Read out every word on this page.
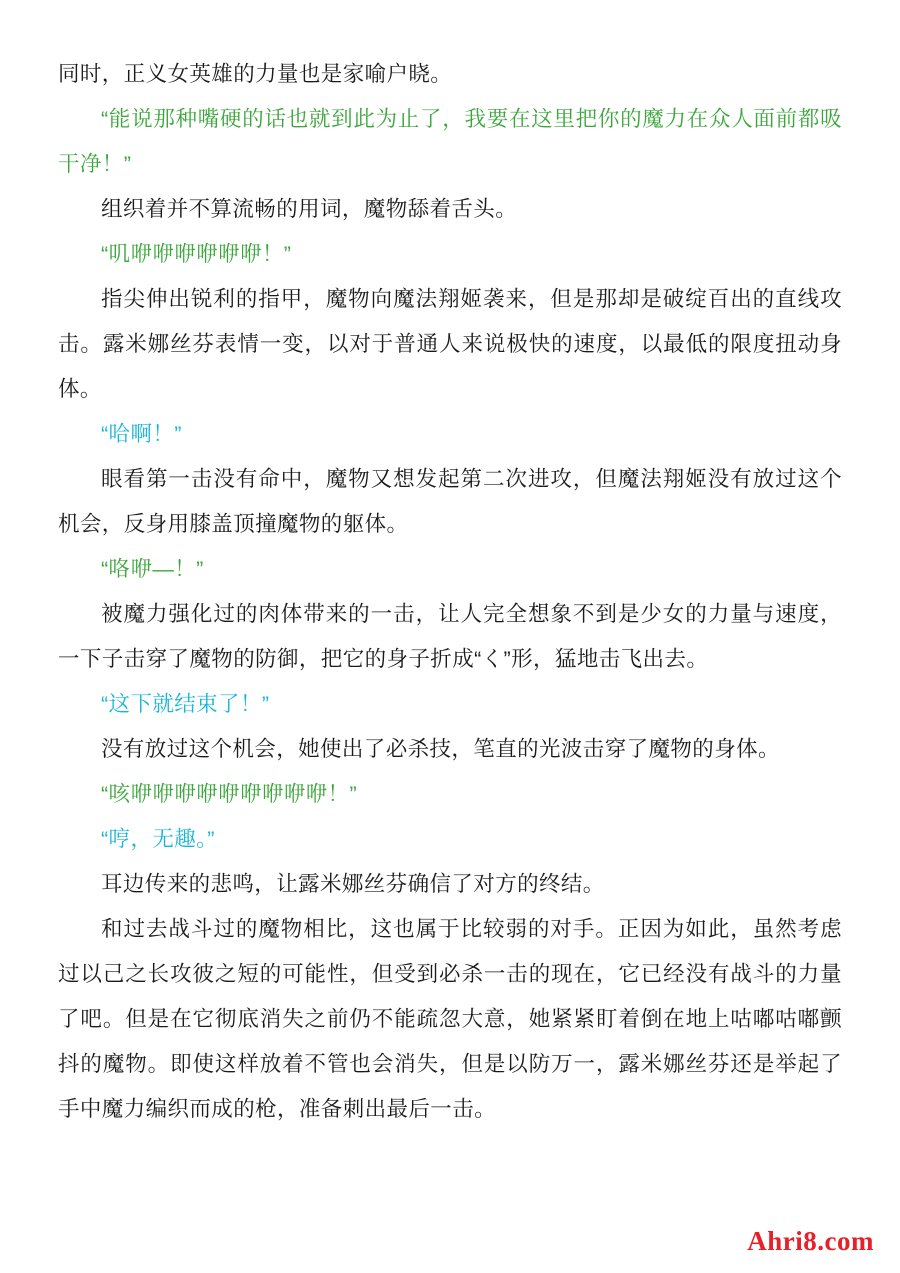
同时，正义女英雄的力量也是家喻户晓。

“能说那种嘴硬的话也就到此为止了，我要在这里把你的魔力在众人面前都吸干净！”

组织着并不算流畅的用词，魔物舔着舌头。

“叽咿咿咿咿咿咿！”

指尖伸出锐利的指甲，魔物向魔法翔姬袭来，但是那却是破绽百出的直线攻击。露米娜丝芬表情一变，以对于普通人来说极快的速度，以最低的限度扭动身体。

“哈啊！”

眼看第一击没有命中，魔物又想发起第二次进攻，但魔法翔姬没有放过这个机会，反身用膝盖顶撞魔物的躯体。

“咯咿—！”

被魔力强化过的肉体带来的一击，让人完全想象不到是少女的力量与速度，一下子击穿了魔物的防御，把它的身子折成“く”形，猛地击飞出去。

“这下就结束了！”

没有放过这个机会，她使出了必杀技，笔直的光波击穿了魔物的身体。

“咳咿咿咿咿咿咿咿咿咿！”

“哼，无趣。”

耳边传来的悲鸣，让露米娜丝芬确信了对方的终结。

和过去战斗过的魔物相比，这也属于比较弱的对手。正因为如此，虽然考虑过以己之长攻彼之短的可能性，但受到必杀一击的现在，它已经没有战斗的力量了吧。但是在它彻底消失之前仍不能疏忽大意，她紧紧盯着倒在地上咕嘟咕嘟颤抖的魔物。即使这样放着不管也会消失，但是以防万一，露米娜丝芬还是举起了手中魔力编织而成的枪，准备刺出最后一击。

Ahri8.com
